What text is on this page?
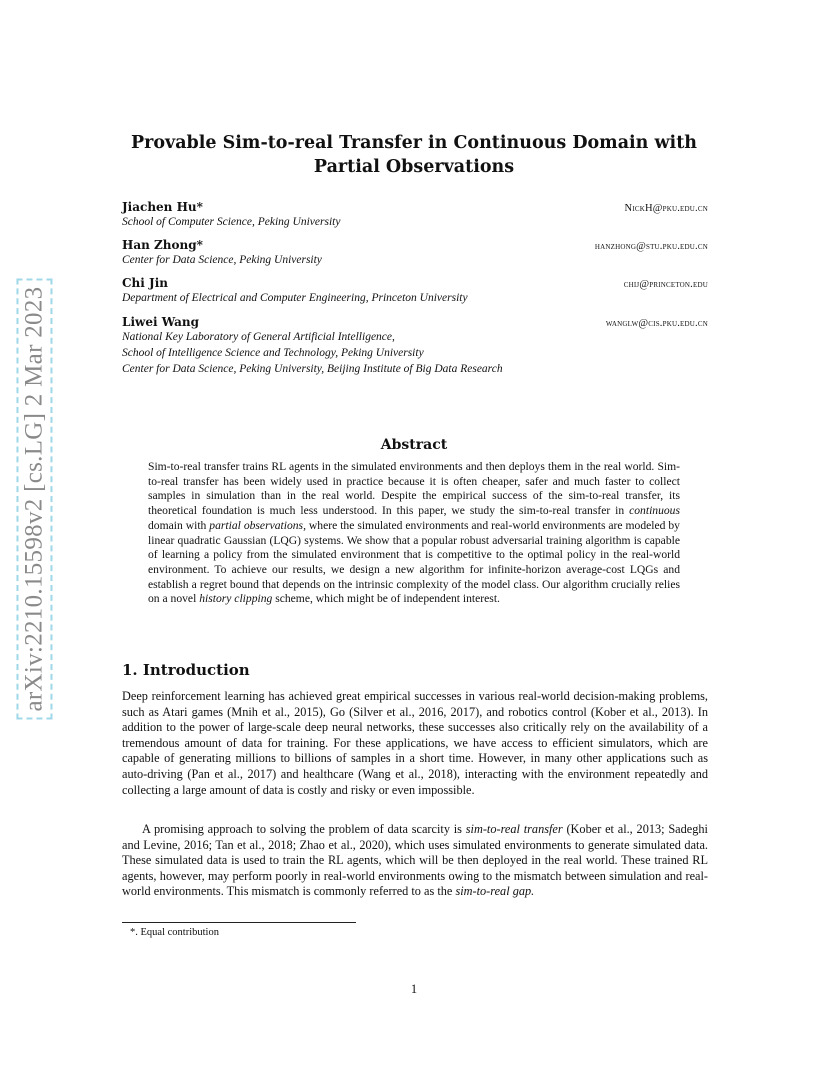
arXiv:2210.15598v2 [cs.LG] 2 Mar 2023
Provable Sim-to-real Transfer in Continuous Domain with
Partial Observations
Jiachen Hu*	NickH@pku.edu.cn
School of Computer Science, Peking University
Han Zhong*	hanzhong@stu.pku.edu.cn
Center for Data Science, Peking University
Chi Jin	chij@princeton.edu
Department of Electrical and Computer Engineering, Princeton University
Liwei Wang	wanglw@cis.pku.edu.cn
National Key Laboratory of General Artificial Intelligence,
School of Intelligence Science and Technology, Peking University
Center for Data Science, Peking University, Beijing Institute of Big Data Research
Abstract
Sim-to-real transfer trains RL agents in the simulated environments and then deploys them in the real world. Sim-to-real transfer has been widely used in practice because it is often cheaper, safer and much faster to collect samples in simulation than in the real world. Despite the empirical success of the sim-to-real transfer, its theoretical foundation is much less understood. In this paper, we study the sim-to-real transfer in continuous domain with partial observations, where the simulated environments and real-world environments are modeled by linear quadratic Gaussian (LQG) systems. We show that a popular robust adversarial training algorithm is capable of learning a policy from the simulated environment that is competitive to the optimal policy in the real-world environment. To achieve our results, we design a new algorithm for infinite-horizon average-cost LQGs and establish a regret bound that depends on the intrinsic complexity of the model class. Our algorithm crucially relies on a novel history clipping scheme, which might be of independent interest.
1. Introduction
Deep reinforcement learning has achieved great empirical successes in various real-world decision-making problems, such as Atari games (Mnih et al., 2015), Go (Silver et al., 2016, 2017), and robotics control (Kober et al., 2013). In addition to the power of large-scale deep neural networks, these successes also critically rely on the availability of a tremendous amount of data for training. For these applications, we have access to efficient simulators, which are capable of generating millions to billions of samples in a short time. However, in many other applications such as auto-driving (Pan et al., 2017) and healthcare (Wang et al., 2018), interacting with the environment repeatedly and collecting a large amount of data is costly and risky or even impossible.
A promising approach to solving the problem of data scarcity is sim-to-real transfer (Kober et al., 2013; Sadeghi and Levine, 2016; Tan et al., 2018; Zhao et al., 2020), which uses simulated environments to generate simulated data. These simulated data is used to train the RL agents, which will be then deployed in the real world. These trained RL agents, however, may perform poorly in real-world environments owing to the mismatch between simulation and real-world environments. This mismatch is commonly referred to as the sim-to-real gap.
*. Equal contribution
1
